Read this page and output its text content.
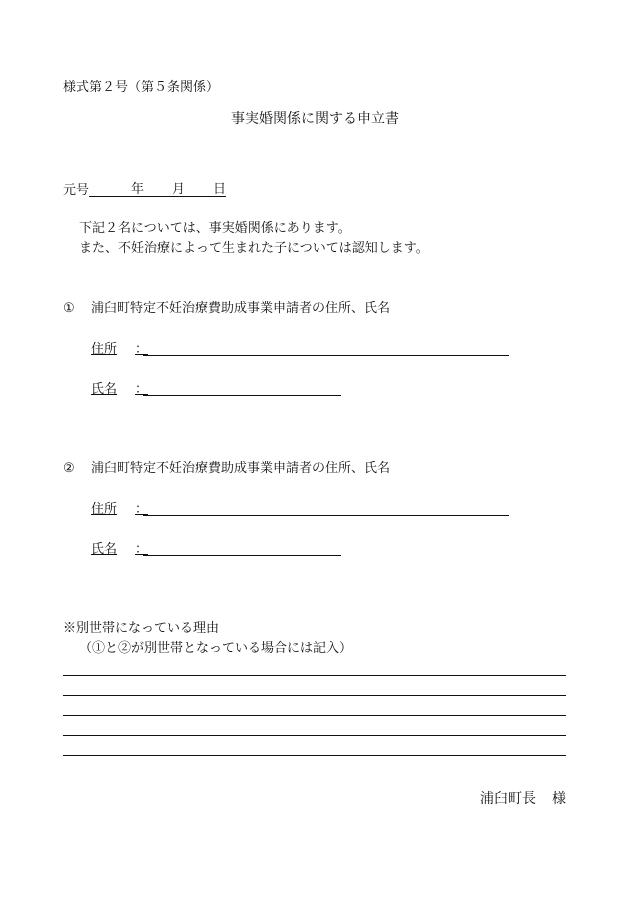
様式第２号（第５条関係）
事実婚関係に関する申立書
元号	年 月 日
下記２名については、事実婚関係にあります。
また、不妊治療によって生まれた子については認知します。
① 浦臼町特定不妊治療費助成事業申請者の住所、氏名
住所	：
氏名	：
② 浦臼町特定不妊治療費助成事業申請者の住所、氏名
住所	：
氏名	：
※別世帯になっている理由
（①と②が別世帯となっている場合には記入）
浦臼町長 様
